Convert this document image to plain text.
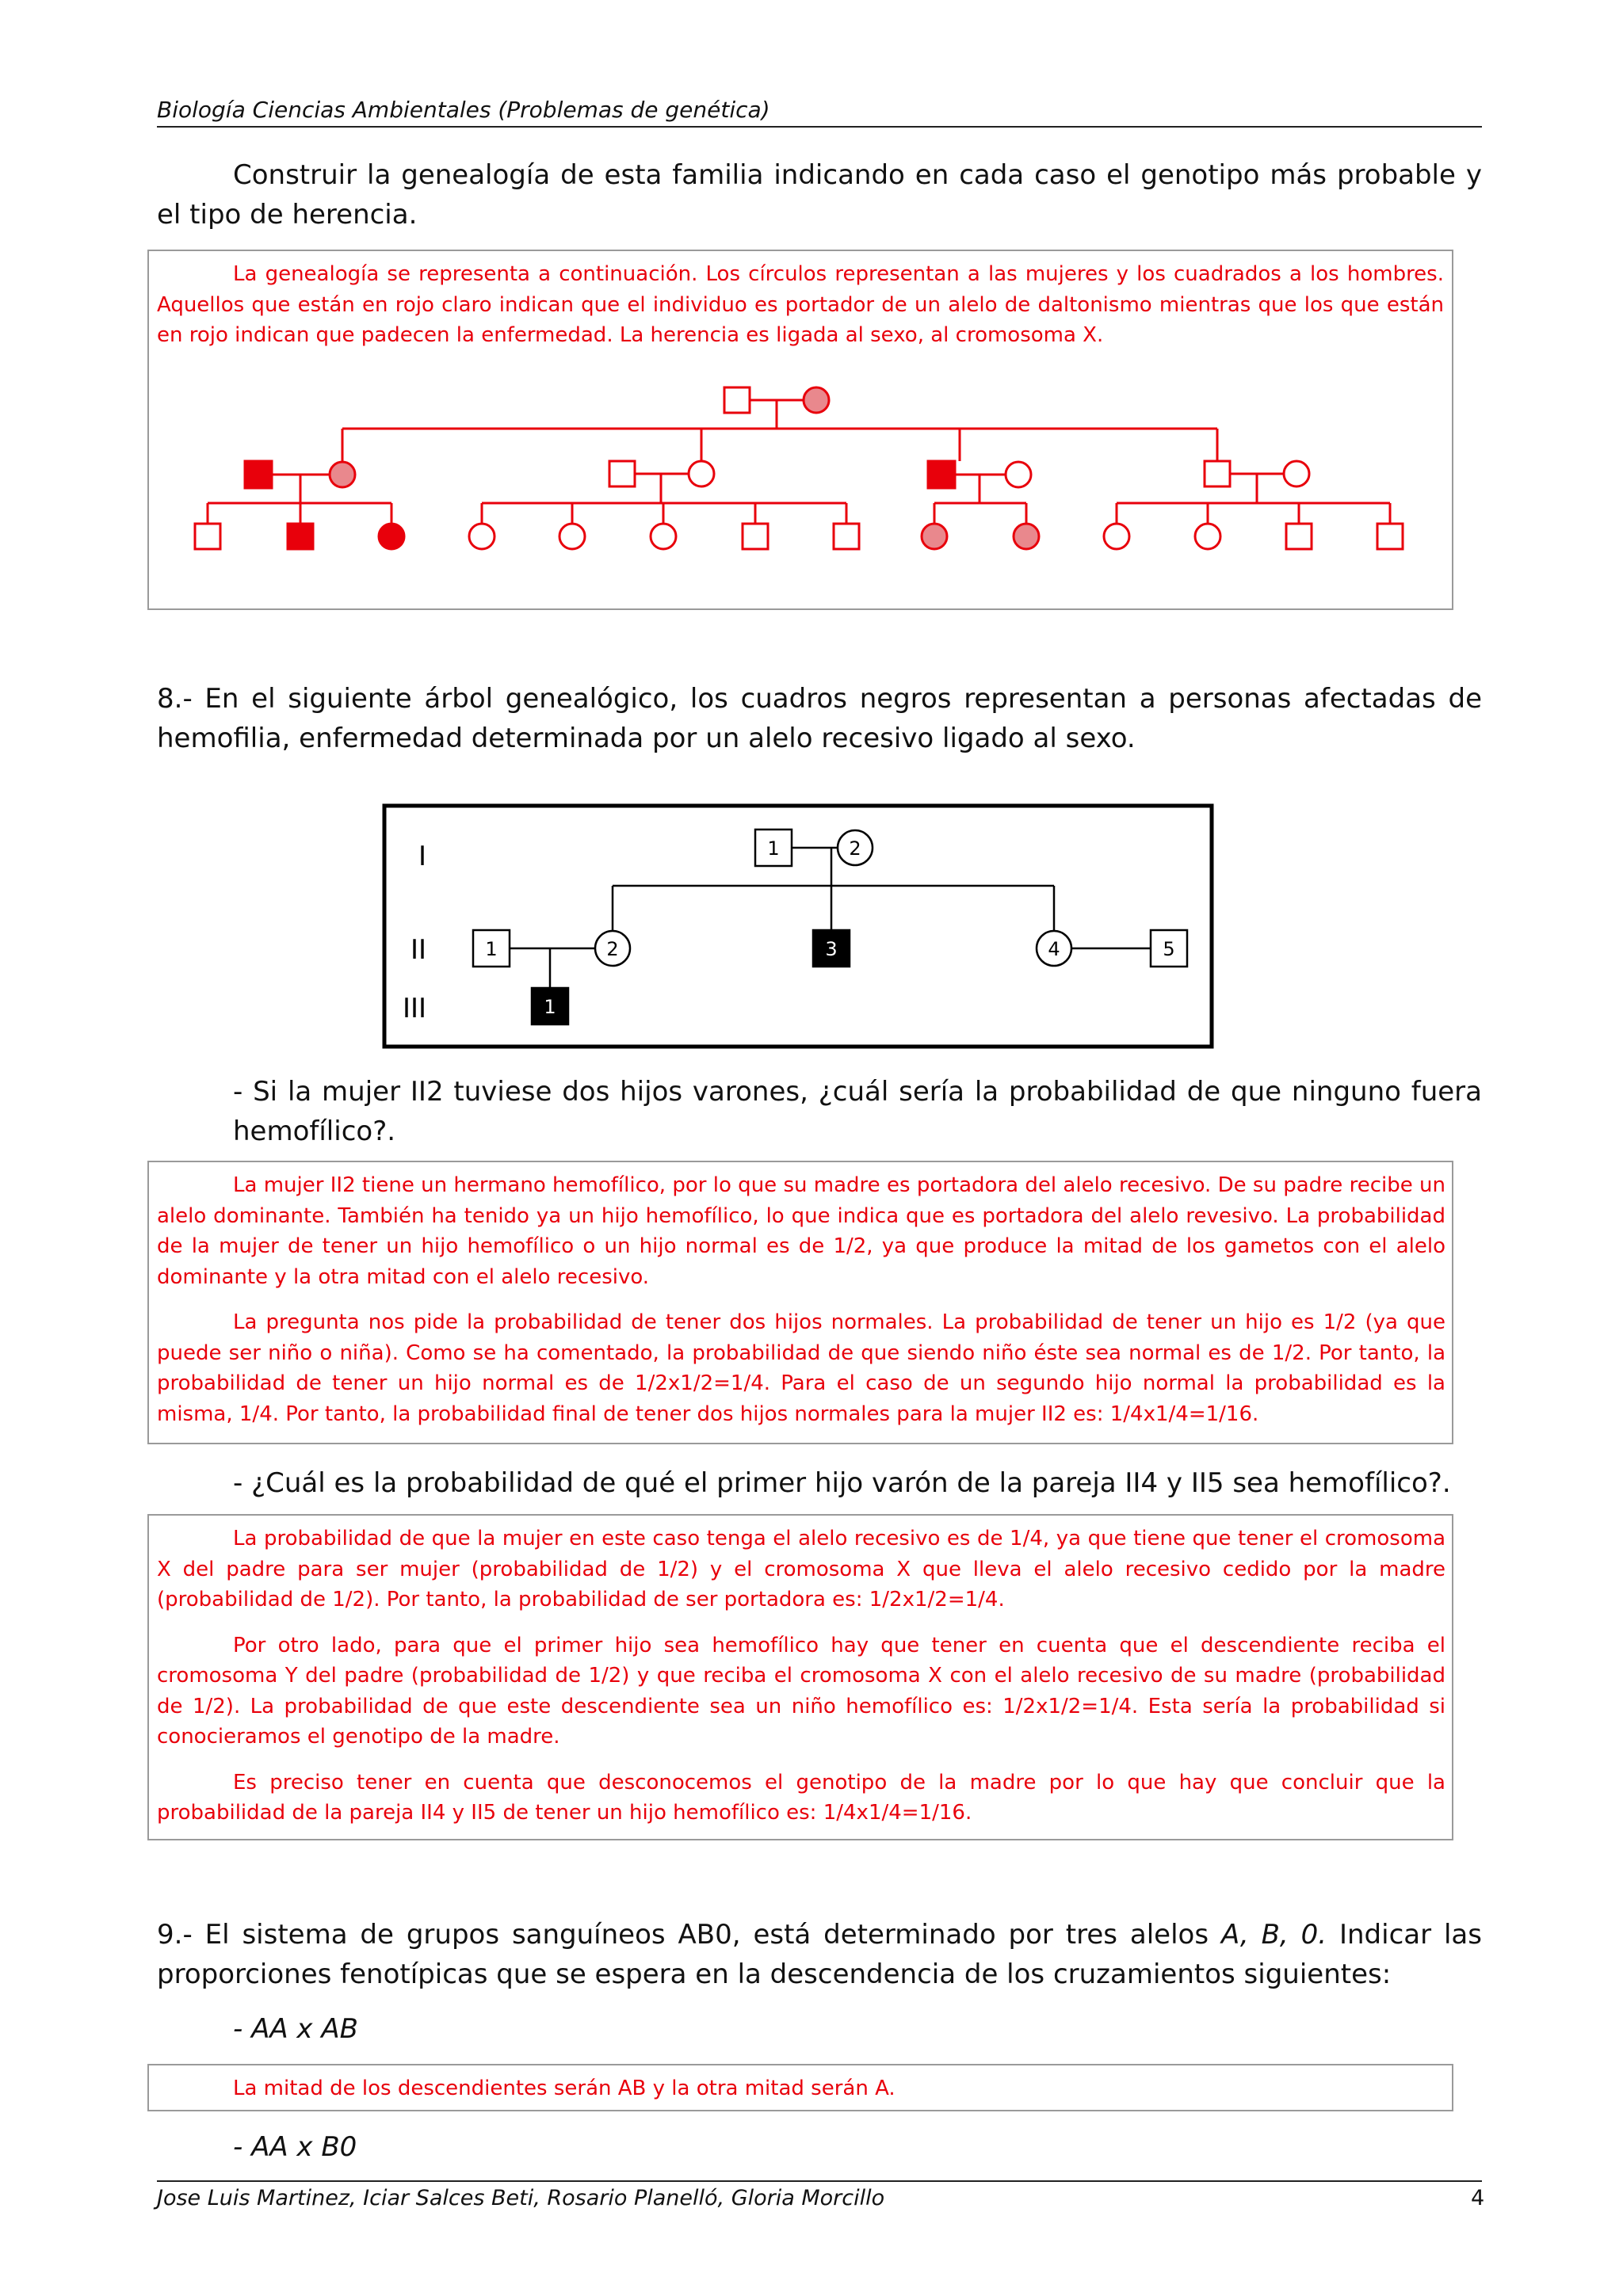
Biología Ciencias Ambientales (Problemas de genética)

Construir la genealogía de esta familia indicando en cada caso el genotipo más probable y el tipo de herencia.

La genealogía se representa a continuación. Los círculos representan a las mujeres y los cuadrados a los hombres. Aquellos que están en rojo claro indican que el individuo es portador de un alelo de daltonismo mientras que los que están en rojo indican que padecen la enfermedad. La herencia es ligada al sexo, al cromosoma X.

8.- En el siguiente árbol genealógico, los cuadros negros representan a personas afectadas de hemofilia, enfermedad determinada por un alelo recesivo ligado al sexo.

I
II
III
1	2
1	2	3	4	5
1

- Si la mujer II2 tuviese dos hijos varones, ¿cuál sería la probabilidad de que ninguno fuera hemofílico?.

La mujer II2 tiene un hermano hemofílico, por lo que su madre es portadora del alelo recesivo. De su padre recibe un alelo dominante. También ha tenido ya un hijo hemofílico, lo que indica que es portadora del alelo revesivo. La probabilidad de la mujer de tener un hijo hemofílico o un hijo normal es de 1/2, ya que produce la mitad de los gametos con el alelo dominante y la otra mitad con el alelo recesivo.

La pregunta nos pide la probabilidad de tener dos hijos normales. La probabilidad de tener un hijo es 1/2 (ya que puede ser niño o niña). Como se ha comentado, la probabilidad de que siendo niño éste sea normal es de 1/2. Por tanto, la probabilidad de tener un hijo normal es de 1/2x1/2=1/4. Para el caso de un segundo hijo normal la probabilidad es la misma, 1/4. Por tanto, la probabilidad final de tener dos hijos normales para la mujer II2 es: 1/4x1/4=1/16.

- ¿Cuál es la probabilidad de qué el primer hijo varón de la pareja II4 y II5 sea hemofílico?.

La probabilidad de que la mujer en este caso tenga el alelo recesivo es de 1/4, ya que tiene que tener el cromosoma X del padre para ser mujer (probabilidad de 1/2) y el cromosoma X que lleva el alelo recesivo cedido por la madre (probabilidad de 1/2). Por tanto, la probabilidad de ser portadora es: 1/2x1/2=1/4.

Por otro lado, para que el primer hijo sea hemofílico hay que tener en cuenta que el descendiente reciba el cromosoma Y del padre (probabilidad de 1/2) y que reciba el cromosoma X con el alelo recesivo de su madre (probabilidad de 1/2). La probabilidad de que este descendiente sea un niño hemofílico es: 1/2x1/2=1/4. Esta sería la probabilidad si conocieramos el genotipo de la madre.

Es preciso tener en cuenta que desconocemos el genotipo de la madre por lo que hay que concluir que la probabilidad de la pareja II4 y II5 de tener un hijo hemofílico es: 1/4x1/4=1/16.

9.- El sistema de grupos sanguíneos AB0, está determinado por tres alelos A, B, 0. Indicar las proporciones fenotípicas que se espera en la descendencia de los cruzamientos siguientes:

- AA x AB

La mitad de los descendientes serán AB y la otra mitad serán A.

- AA x B0
Jose Luis Martinez, Iciar Salces Beti, Rosario Planelló, Gloria Morcillo	4
